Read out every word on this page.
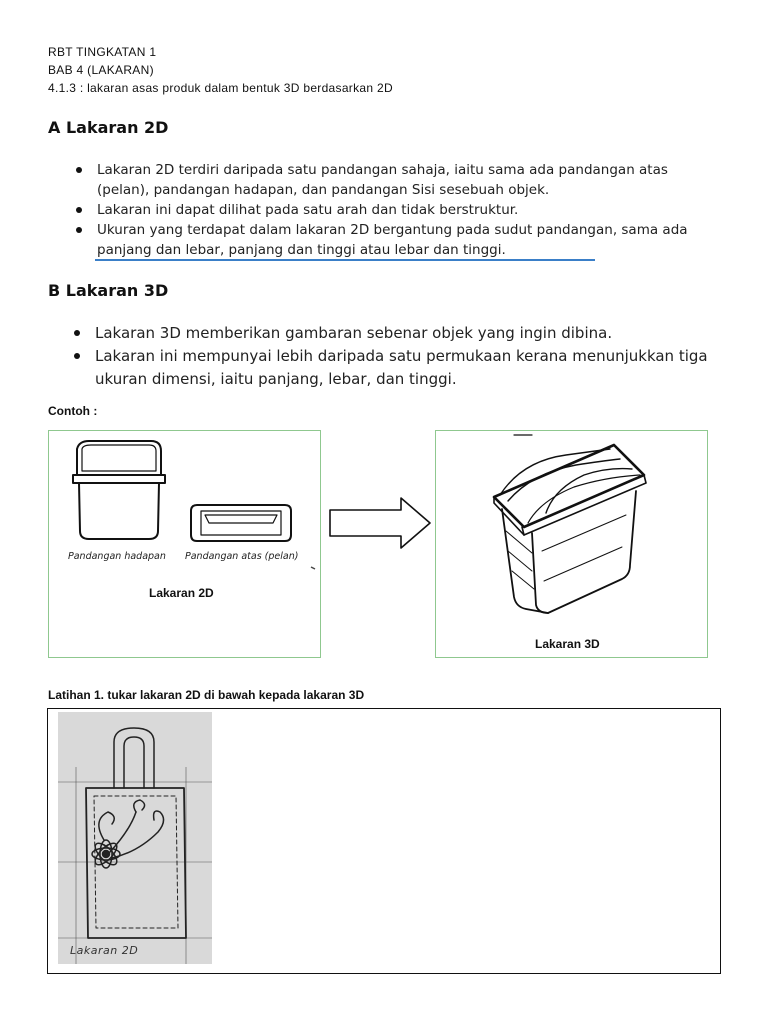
RBT TINGKATAN 1
BAB 4 (LAKARAN)
4.1.3 : lakaran asas produk dalam bentuk 3D berdasarkan 2D
A Lakaran 2D
Lakaran 2D terdiri daripada satu pandangan sahaja, iaitu sama ada pandangan atas (pelan), pandangan hadapan, dan pandangan Sisi sesebuah objek.
Lakaran ini dapat dilihat pada satu arah dan tidak berstruktur.
Ukuran yang terdapat dalam lakaran 2D bergantung pada sudut pandangan, sama ada panjang dan lebar, panjang dan tinggi atau lebar dan tinggi.
B Lakaran 3D
Lakaran 3D memberikan gambaran sebenar objek yang ingin dibina.
Lakaran ini mempunyai lebih daripada satu permukaan kerana menunjukkan tiga ukuran dimensi, iaitu panjang, lebar, dan tinggi.
Contoh :
Pandangan hadapan Pandangan atas (pelan)
Lakaran 2D
Lakaran 3D
Latihan 1. tukar lakaran 2D di bawah kepada lakaran 3D
Lakaran 2D
